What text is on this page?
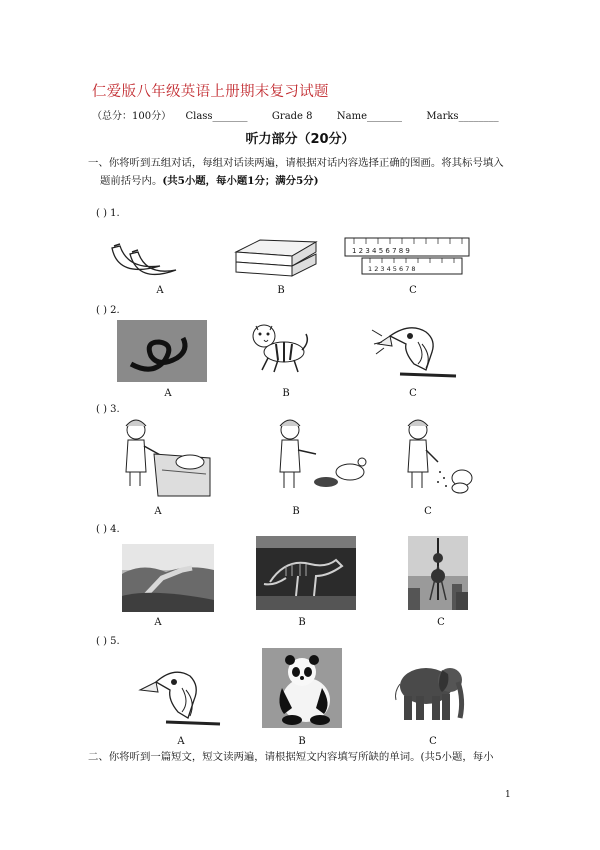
仁爱版八年级英语上册期末复习试题
（总分：100分） Class_______ Grade 8 Name_______ Marks________
听力部分（20分）
一、你将听到五组对话，每组对话读两遍，请根据对话内容选择正确的图画。将其标号填入
题前括号内。(共5小题，每小题1分；满分5分)
( ) 1.
1 2 3 4 5 6 7 8 9
1 2 3 4 5 6 7 8
A	B	C
( ) 2.
A	B	C
( ) 3.
A	B	C
( ) 4.
A	B	C
( ) 5.
A	B	C
二、你将听到一篇短文，短文读两遍，请根据短文内容填写所缺的单词。(共5小题，每小
1
